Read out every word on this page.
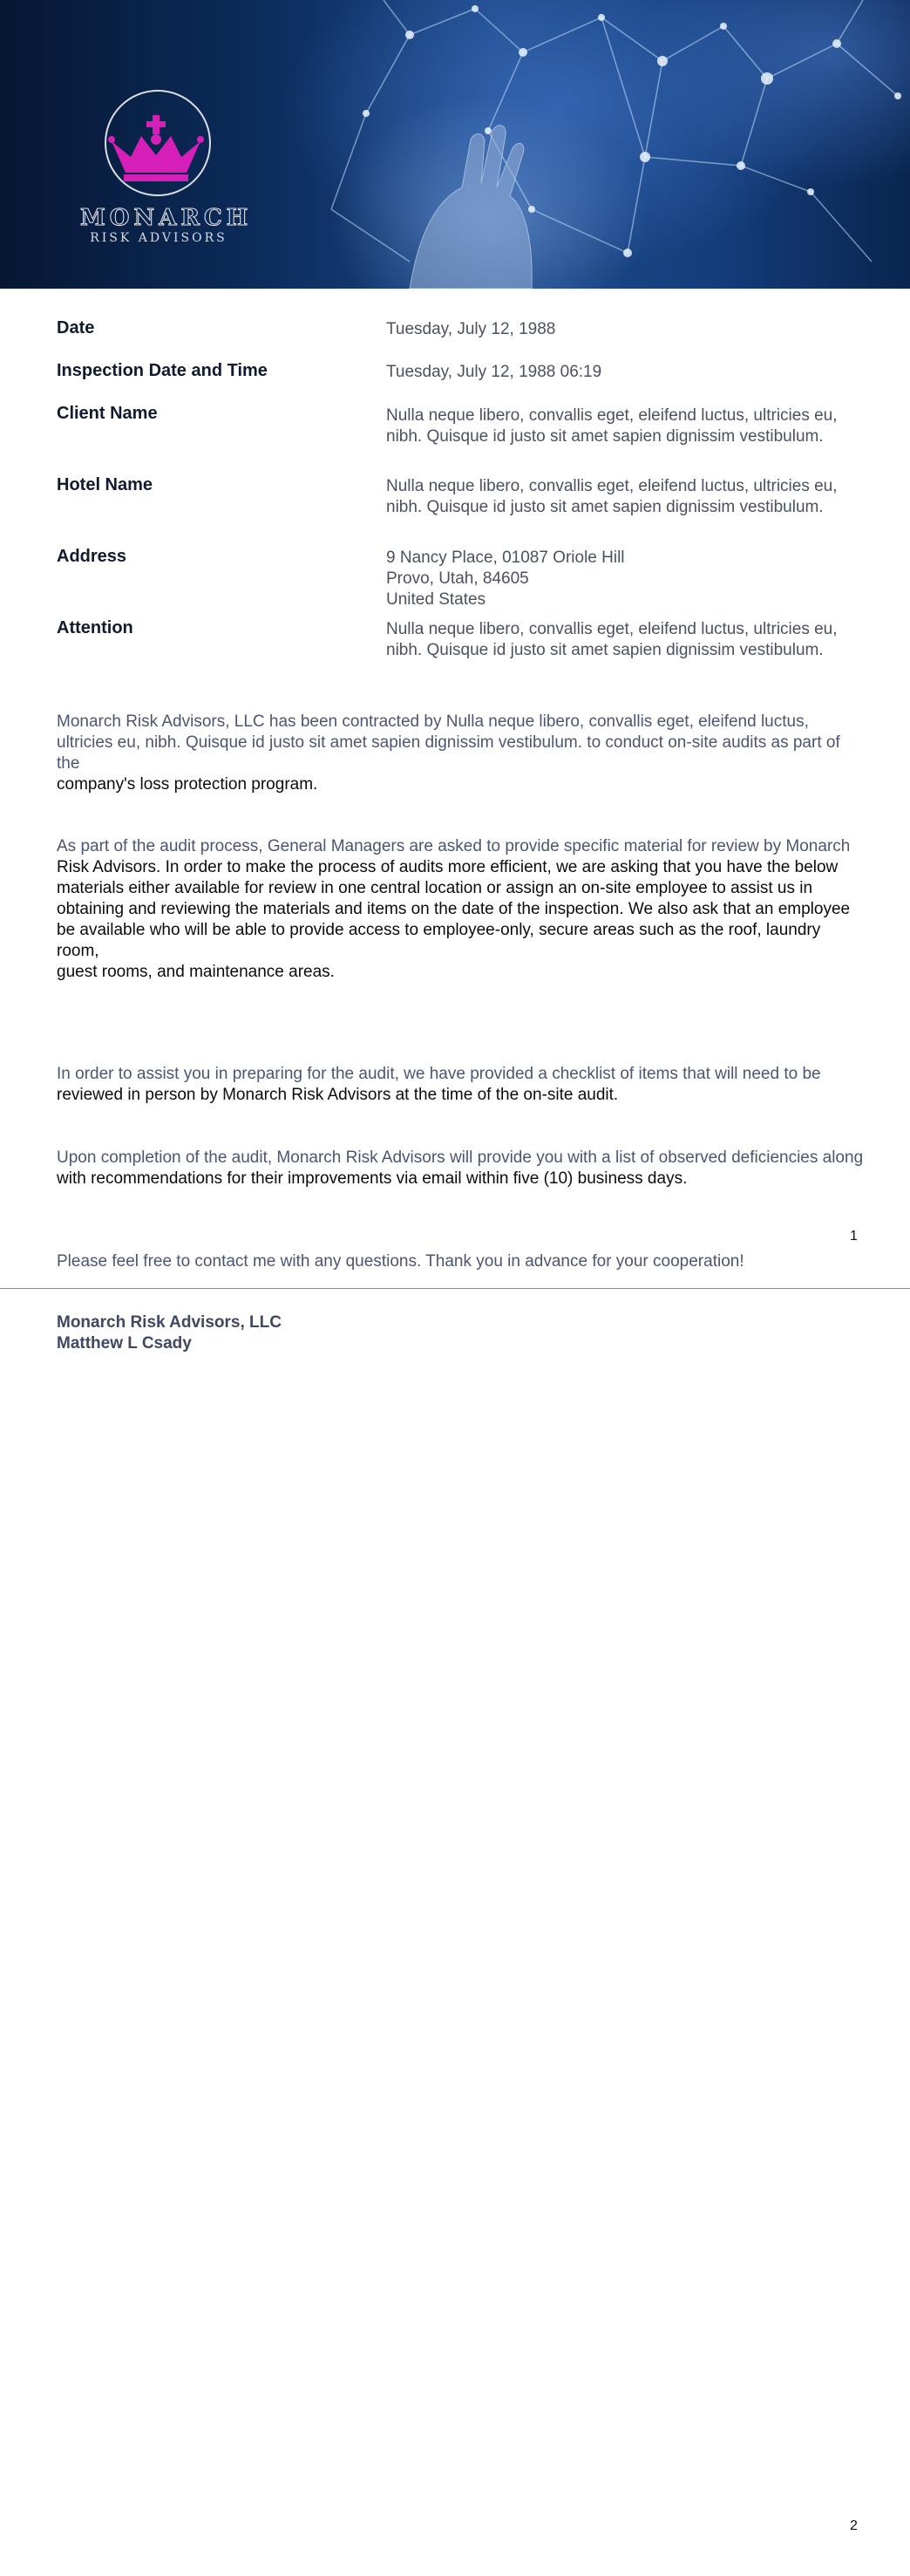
MONARCH
RISK ADVISORS
Date	Tuesday, July 12, 1988
Inspection Date and Time	Tuesday, July 12, 1988 06:19
Client Name	Nulla neque libero, convallis eget, eleifend luctus, ultricies eu, nibh. Quisque id justo sit amet sapien dignissim vestibulum.
Hotel Name	Nulla neque libero, convallis eget, eleifend luctus, ultricies eu, nibh. Quisque id justo sit amet sapien dignissim vestibulum.
Address	9 Nancy Place, 01087 Oriole Hill
Provo, Utah, 84605
United States
Attention	Nulla neque libero, convallis eget, eleifend luctus, ultricies eu, nibh. Quisque id justo sit amet sapien dignissim vestibulum.
Monarch Risk Advisors, LLC has been contracted by Nulla neque libero, convallis eget, eleifend luctus, ultricies eu, nibh. Quisque id justo sit amet sapien dignissim vestibulum. to conduct on-site audits as part of the
company's loss protection program.
As part of the audit process, General Managers are asked to provide specific material for review by Monarch
Risk Advisors. In order to make the process of audits more efficient, we are asking that you have the below materials either available for review in one central location or assign an on-site employee to assist us in obtaining and reviewing the materials and items on the date of the inspection. We also ask that an employee
be available who will be able to provide access to employee-only, secure areas such as the roof, laundry room,
guest rooms, and maintenance areas.
In order to assist you in preparing for the audit, we have provided a checklist of items that will need to be
reviewed in person by Monarch Risk Advisors at the time of the on-site audit.
Upon completion of the audit, Monarch Risk Advisors will provide you with a list of observed deficiencies along
with recommendations for their improvements via email within five (10) business days.
1
Please feel free to contact me with any questions. Thank you in advance for your cooperation!
Monarch Risk Advisors, LLC
Matthew L Csady
2
